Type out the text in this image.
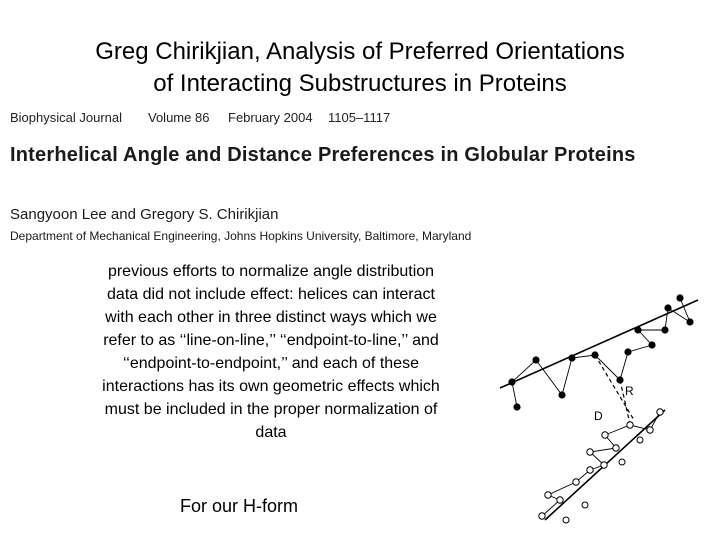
Greg Chirikjian, Analysis of Preferred Orientations
of Interacting Substructures in Proteins
Biophysical Journal Volume 86 February 2004 1105–1117
Interhelical Angle and Distance Preferences in Globular Proteins
Sangyoon Lee and Gregory S. Chirikjian
Department of Mechanical Engineering, Johns Hopkins University, Baltimore, Maryland
previous efforts to normalize angle distribution
data did not include effect: helices can interact
with each other in three distinct ways which we
refer to as ‘‘line-on-line,’’ ‘‘endpoint-to-line,’’ and
‘‘endpoint-to-endpoint,’’ and each of these
interactions has its own geometric effects which
must be included in the proper normalization of
data
For our H-form
R
D
